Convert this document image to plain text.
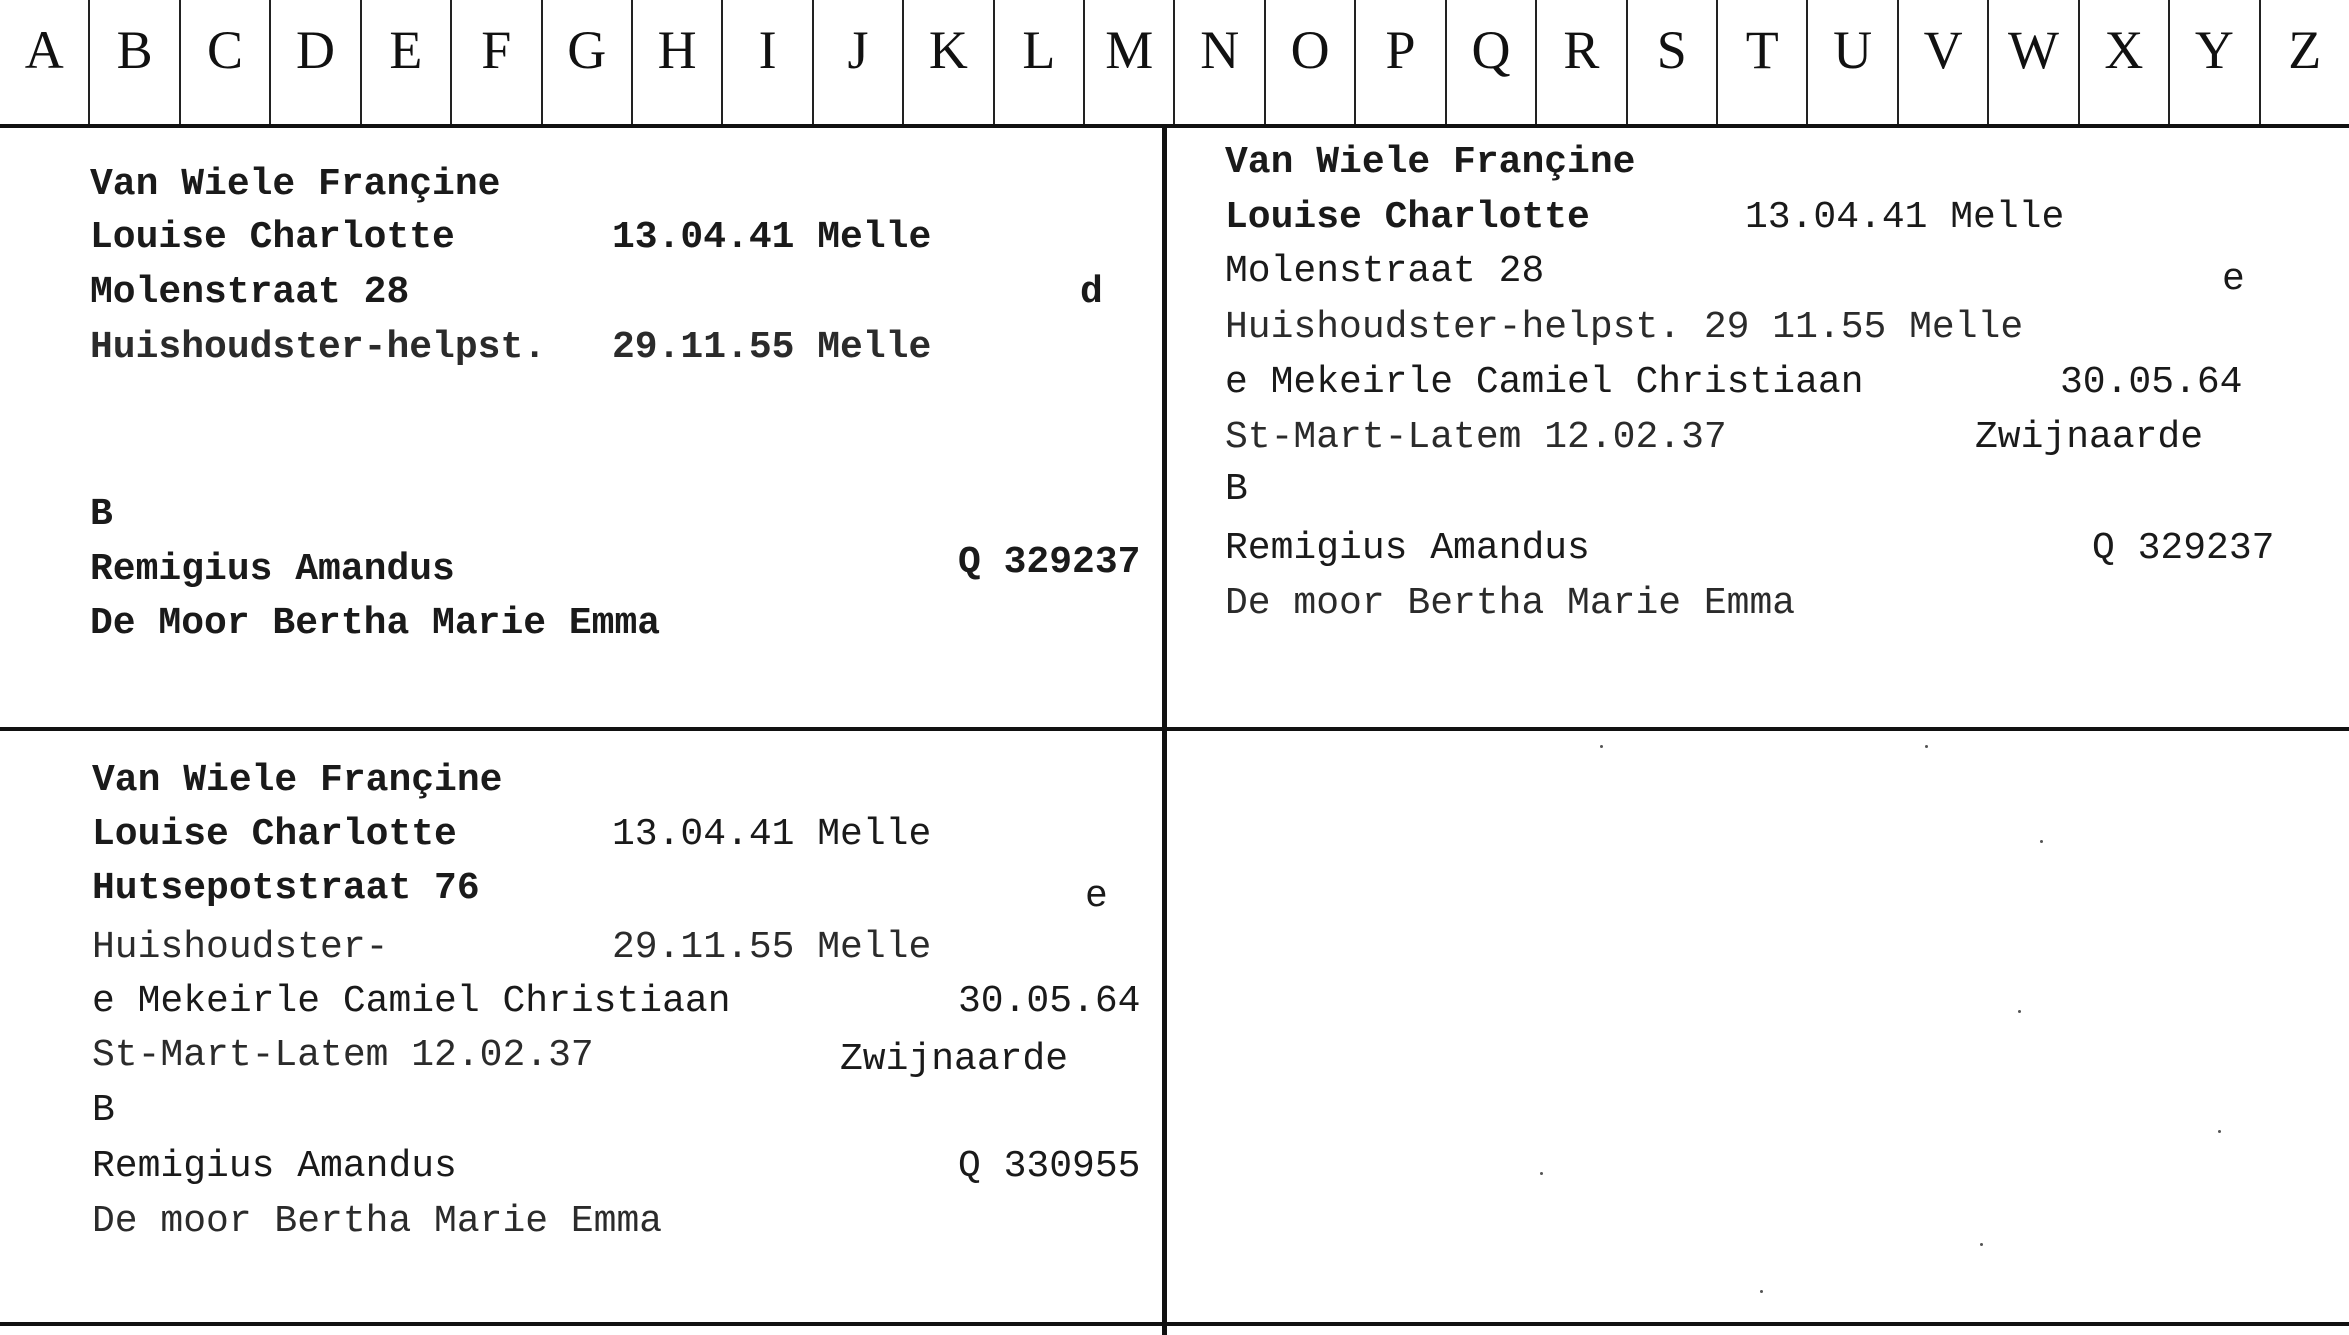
A B	C D	E	F	G H	I	J	K	L M N O	P	Q R	S	T	U V W X Y	Z
Van Wiele Françine
Louise Charlotte	13.04.41 Melle
Molenstraat 28	d
Huishoudster-helpst. 29.11.55 Melle
B
Remigius Amandus	Q 329237
De Moor Bertha Marie Emma
Van Wiele Françine
Louise Charlotte	13.04.41 Melle
Molenstraat 28	e
Huishoudster-helpst. 29 11.55 Melle
e Mekeirle Camiel Christiaan	30.05.64
St-Mart-Latem 12.02.37	Zwijnaarde
B
Remigius Amandus	Q 329237
De moor Bertha Marie Emma
Van Wiele Françine
Louise Charlotte	13.04.41 Melle
Hutsepotstraat 76	e
Huishoudster-	29.11.55 Melle
e Mekeirle Camiel Christiaan	30.05.64
St-Mart-Latem 12.02.37	Zwijnaarde
B
Remigius Amandus	Q 330955
De moor Bertha Marie Emma
